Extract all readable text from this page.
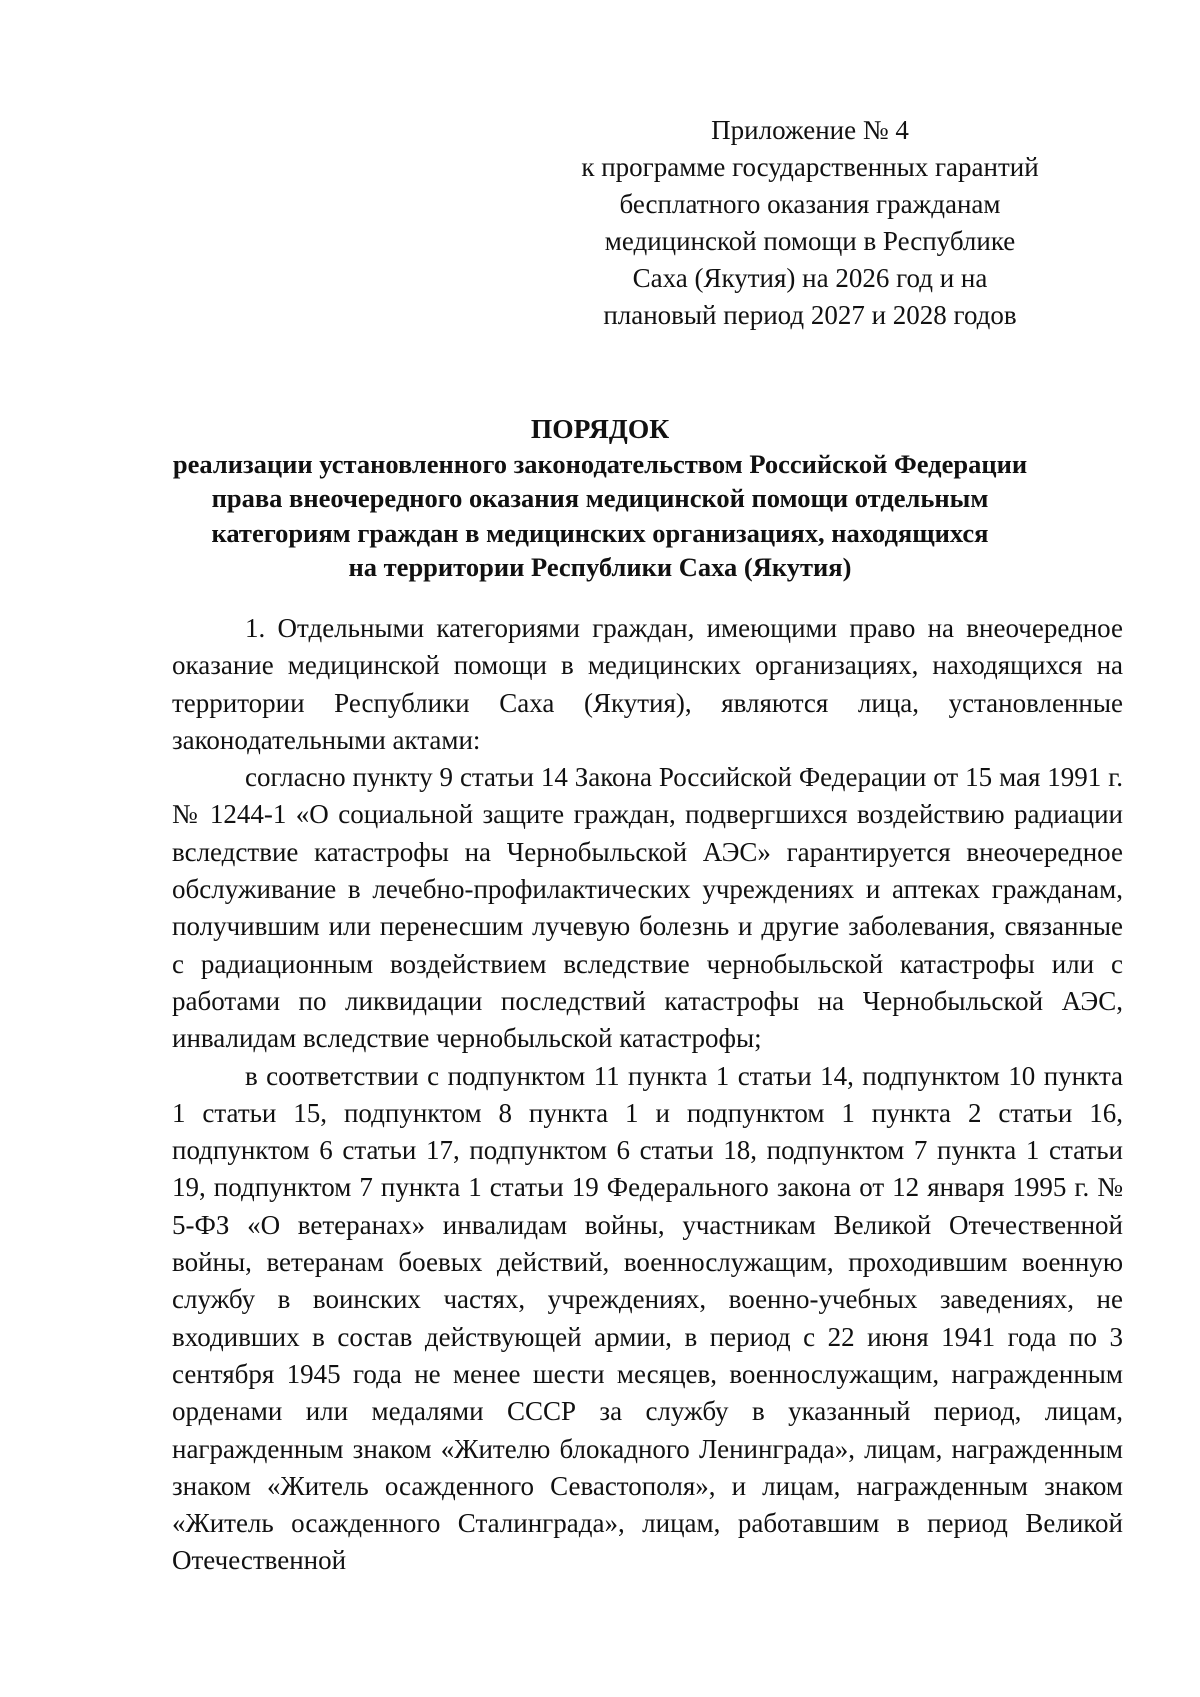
Приложение № 4
к программе государственных гарантий
бесплатного оказания гражданам
медицинской помощи в Республике
Саха (Якутия) на 2026 год и на
плановый период 2027 и 2028 годов
ПОРЯДОК
реализации установленного законодательством Российской Федерации
права внеочередного оказания медицинской помощи отдельным
категориям граждан в медицинских организациях, находящихся
на территории Республики Саха (Якутия)

1. Отдельными категориями граждан, имеющими право на внеочередное оказание медицинской помощи в медицинских организациях, находящихся на территории Республики Саха (Якутия), являются лица, установленные законодательными актами:

согласно пункту 9 статьи 14 Закона Российской Федерации от 15 мая 1991 г. № 1244-1 «О социальной защите граждан, подвергшихся воздействию радиации вследствие катастрофы на Чернобыльской АЭС» гарантируется внеочередное обслуживание в лечебно-профилактических учреждениях и аптеках гражданам, получившим или перенесшим лучевую болезнь и другие заболевания, связанные с радиационным воздействием вследствие чернобыльской катастрофы или с работами по ликвидации последствий катастрофы на Чернобыльской АЭС, инвалидам вследствие чернобыльской катастрофы;

в соответствии с подпунктом 11 пункта 1 статьи 14, подпунктом 10 пункта 1 статьи 15, подпунктом 8 пункта 1 и подпунктом 1 пункта 2 статьи 16, подпунктом 6 статьи 17, подпунктом 6 статьи 18, подпунктом 7 пункта 1 статьи 19, подпунктом 7 пункта 1 статьи 19 Федерального закона от 12 января 1995 г. № 5-ФЗ «О ветеранах» инвалидам войны, участникам Великой Отечественной войны, ветеранам боевых действий, военнослужащим, проходившим военную службу в воинских частях, учреждениях, военно-учебных заведениях, не входивших в состав действующей армии, в период с 22 июня 1941 года по 3 сентября 1945 года не менее шести месяцев, военнослужащим, награжденным орденами или медалями СССР за службу в указанный период, лицам, награжденным знаком «Жителю блокадного Ленинграда», лицам, награжденным знаком «Житель осажденного Севастополя», и лицам, награжденным знаком «Житель осажденного Сталинграда», лицам, работавшим в период Великой Отечественной
